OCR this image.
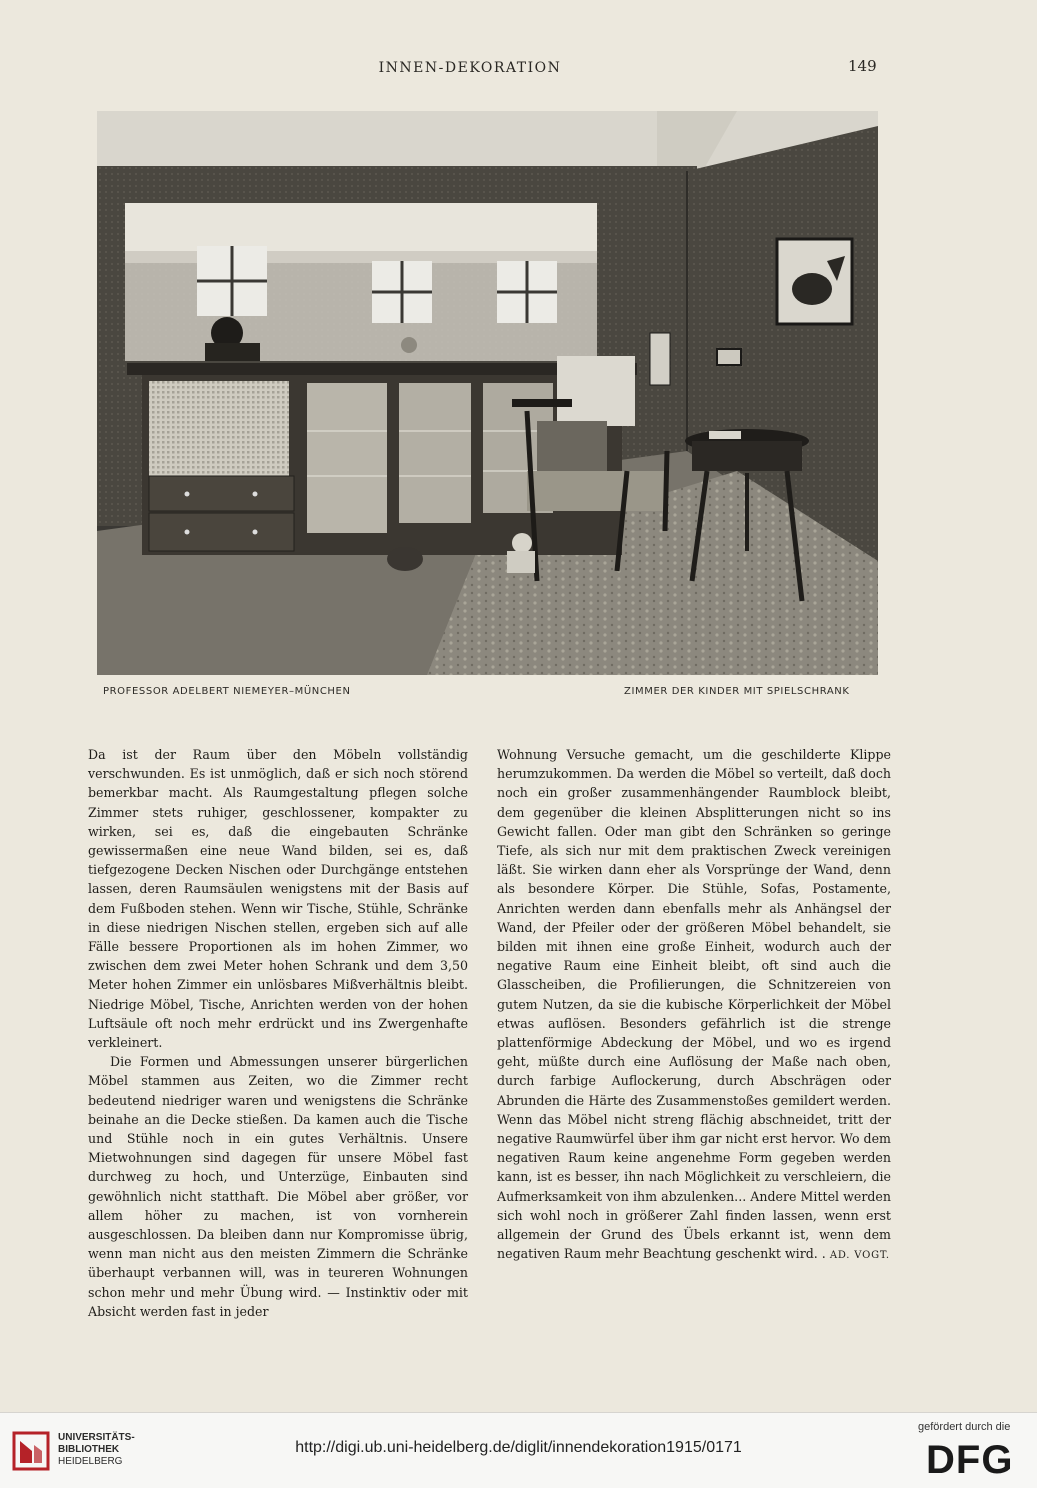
INNEN-DEKORATION	149
PROFESSOR ADELBERT NIEMEYER–MÜNCHEN	ZIMMER DER KINDER MIT SPIELSCHRANK

Da ist der Raum über den Möbeln vollständig verschwunden. Es ist unmöglich, daß er sich noch störend bemerkbar macht. Als Raumgestaltung pflegen solche Zimmer stets ruhiger, geschlossener, kompakter zu wirken, sei es, daß die eingebauten Schränke gewissermaßen eine neue Wand bilden, sei es, daß tiefgezogene Decken Nischen oder Durchgänge entstehen lassen, deren Raumsäulen wenigstens mit der Basis auf dem Fußboden stehen. Wenn wir Tische, Stühle, Schränke in diese niedrigen Nischen stellen, ergeben sich auf alle Fälle bessere Proportionen als im hohen Zimmer, wo zwischen dem zwei Meter hohen Schrank und dem 3,50 Meter hohen Zimmer ein unlösbares Mißverhältnis bleibt. Niedrige Möbel, Tische, Anrichten werden von der hohen Luftsäule oft noch mehr erdrückt und ins Zwergenhafte verkleinert.

Die Formen und Abmessungen unserer bürgerlichen Möbel stammen aus Zeiten, wo die Zimmer recht bedeutend niedriger waren und wenigstens die Schränke beinahe an die Decke stießen. Da kamen auch die Tische und Stühle noch in ein gutes Verhältnis. Unsere Mietwohnungen sind dagegen für unsere Möbel fast durchweg zu hoch, und Unterzüge, Einbauten sind gewöhnlich nicht statthaft. Die Möbel aber größer, vor allem höher zu machen, ist von vornherein ausgeschlossen. Da bleiben dann nur Kompromisse übrig, wenn man nicht aus den meisten Zimmern die Schränke überhaupt verbannen will, was in teureren Wohnungen schon mehr und mehr Übung wird. — Instinktiv oder mit Absicht werden fast in jeder

Wohnung Versuche gemacht, um die geschilderte Klippe herumzukommen. Da werden die Möbel so verteilt, daß doch noch ein großer zusammenhängender Raumblock bleibt, dem gegenüber die kleinen Absplitterungen nicht so ins Gewicht fallen. Oder man gibt den Schränken so geringe Tiefe, als sich nur mit dem praktischen Zweck vereinigen läßt. Sie wirken dann eher als Vorsprünge der Wand, denn als besondere Körper. Die Stühle, Sofas, Postamente, Anrichten werden dann ebenfalls mehr als Anhängsel der Wand, der Pfeiler oder der größeren Möbel behandelt, sie bilden mit ihnen eine große Einheit, wodurch auch der negative Raum eine Einheit bleibt, oft sind auch die Glasscheiben, die Profilierungen, die Schnitzereien von gutem Nutzen, da sie die kubische Körperlichkeit der Möbel etwas auflösen. Besonders gefährlich ist die strenge plattenförmige Abdeckung der Möbel, und wo es irgend geht, müßte durch eine Auflösung der Maße nach oben, durch farbige Auflockerung, durch Abschrägen oder Abrunden die Härte des Zusammenstoßes gemildert werden. Wenn das Möbel nicht streng flächig abschneidet, tritt der negative Raumwürfel über ihm gar nicht erst hervor. Wo dem negativen Raum keine angenehme Form gegeben werden kann, ist es besser, ihn nach Möglichkeit zu verschleiern, die Aufmerksamkeit von ihm abzulenken... Andere Mittel werden sich wohl noch in größerer Zahl finden lassen, wenn erst allgemein der Grund des Übels erkannt ist, wenn dem negativen Raum mehr Beachtung geschenkt wird. . AD. VOGT.

UNIVERSITÄTS-
BIBLIOTHEK
HEIDELBERG
http://digi.ub.uni-heidelberg.de/diglit/innendekoration1915/0171
gefördert durch die
DFG
